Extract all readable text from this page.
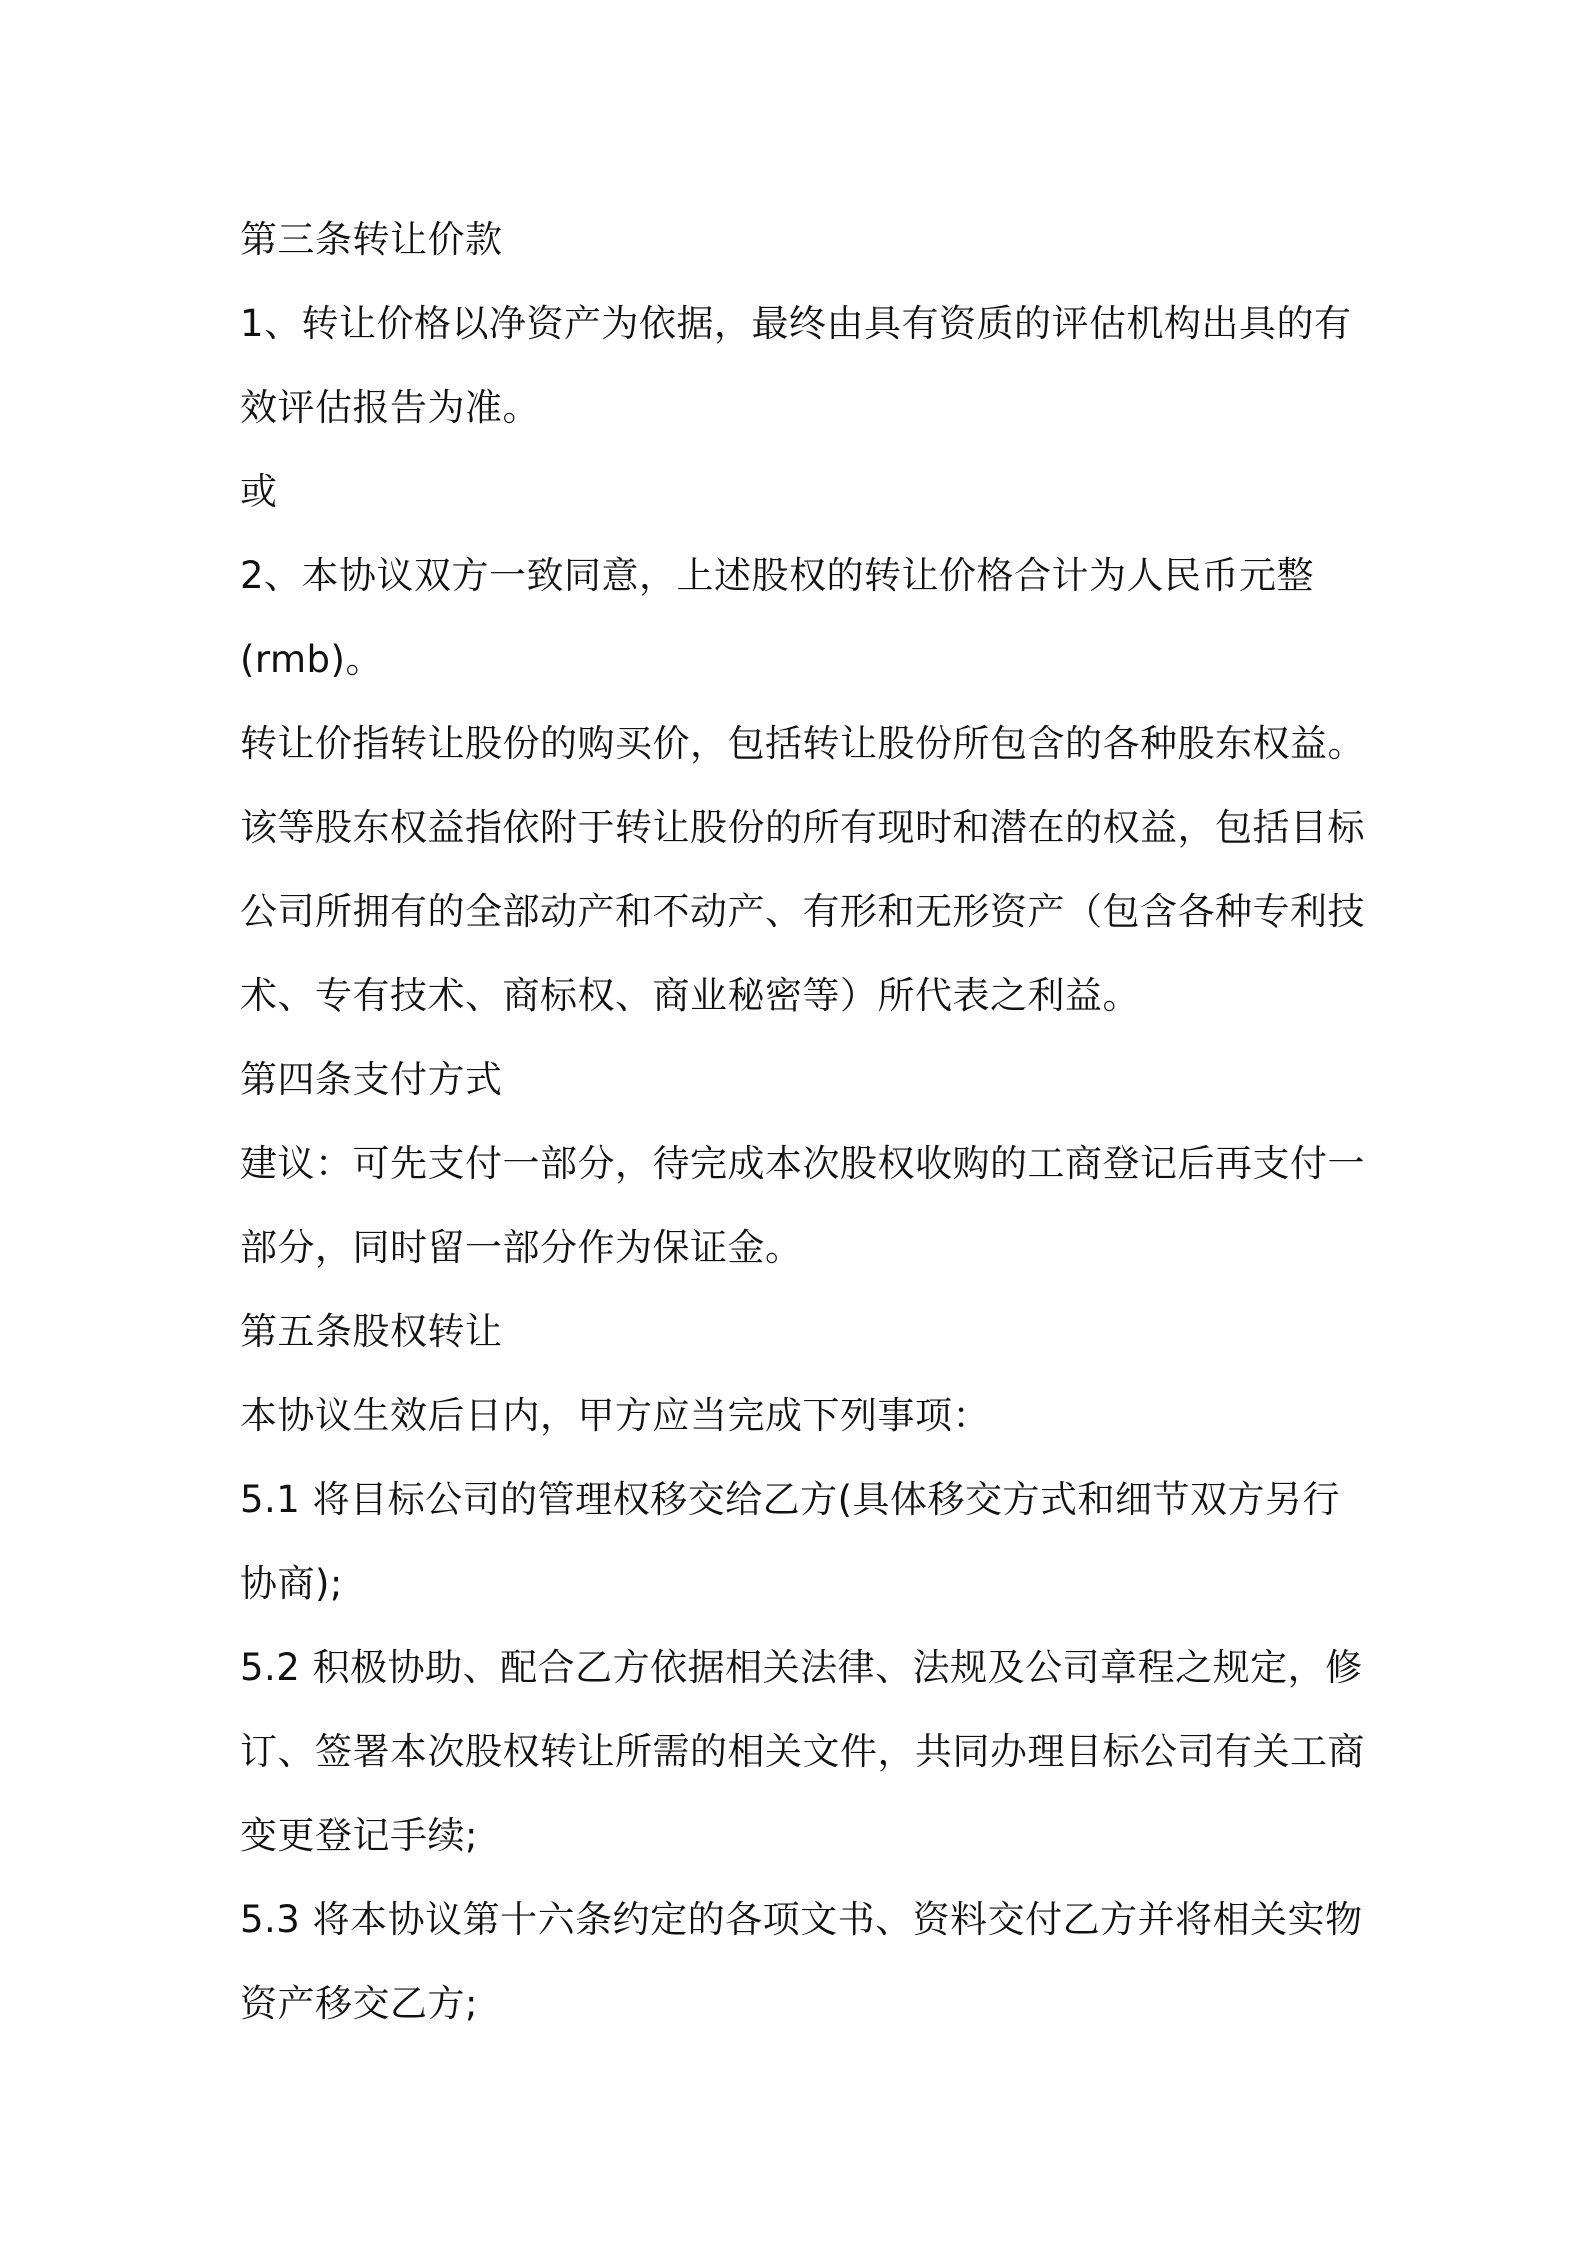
第三条转让价款
1、转让价格以净资产为依据，最终由具有资质的评估机构出具的有
效评估报告为准。
或
2、本协议双方一致同意，上述股权的转让价格合计为人民币元整
(rmb)。
转让价指转让股份的购买价，包括转让股份所包含的各种股东权益。
该等股东权益指依附于转让股份的所有现时和潜在的权益，包括目标
公司所拥有的全部动产和不动产、有形和无形资产（包含各种专利技
术、专有技术、商标权、商业秘密等）所代表之利益。
第四条支付方式
建议：可先支付一部分，待完成本次股权收购的工商登记后再支付一
部分，同时留一部分作为保证金。
第五条股权转让
本协议生效后日内，甲方应当完成下列事项：
5.1 将目标公司的管理权移交给乙方(具体移交方式和细节双方另行
协商);
5.2 积极协助、配合乙方依据相关法律、法规及公司章程之规定，修
订、签署本次股权转让所需的相关文件，共同办理目标公司有关工商
变更登记手续;
5.3 将本协议第十六条约定的各项文书、资料交付乙方并将相关实物
资产移交乙方;
